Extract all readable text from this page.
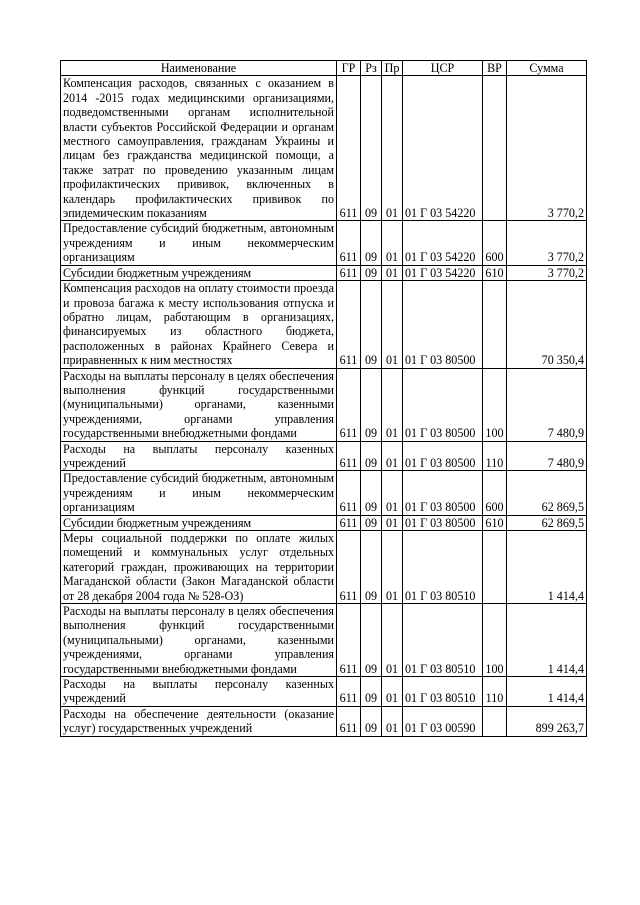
Наименование	ГР	Рз	Пр	ЦСР	ВР	Сумма
Компенсация расходов, связанных с оказанием в 2014 -2015 годах медицинскими организациями, подведомственными органам исполнительной власти субъектов Российской Федерации и органам местного самоуправления, гражданам Украины и лицам без гражданства медицинской помощи, а также затрат по проведению указанным лицам профилактических прививок, включенных в календарь профилактических прививок по эпидемическим показаниям	611	09	01	01 Г 03 54220		3 770,2
Предоставление субсидий бюджетным, автономным учреждениям и иным некоммерческим организациям	611	09	01	01 Г 03 54220	600	3 770,2
Субсидии бюджетным учреждениям	611	09	01	01 Г 03 54220	610	3 770,2
Компенсация расходов на оплату стоимости проезда и провоза багажа к месту использования отпуска и обратно лицам, работающим в организациях, финансируемых из областного бюджета, расположенных в районах Крайнего Севера и приравненных к ним местностях	611	09	01	01 Г 03 80500		70 350,4
Расходы на выплаты персоналу в целях обеспечения выполнения функций государственными (муниципальными) органами, казенными учреждениями, органами управления государственными внебюджетными фондами	611	09	01	01 Г 03 80500	100	7 480,9
Расходы на выплаты персоналу казенных учреждений	611	09	01	01 Г 03 80500	110	7 480,9
Предоставление субсидий бюджетным, автономным учреждениям и иным некоммерческим организациям	611	09	01	01 Г 03 80500	600	62 869,5
Субсидии бюджетным учреждениям	611	09	01	01 Г 03 80500	610	62 869,5
Меры социальной поддержки по оплате жилых помещений и коммунальных услуг отдельных категорий граждан, проживающих на территории Магаданской области (Закон Магаданской области от 28 декабря 2004 года № 528-ОЗ)	611	09	01	01 Г 03 80510		1 414,4
Расходы на выплаты персоналу в целях обеспечения выполнения функций государственными (муниципальными) органами, казенными учреждениями, органами управления государственными внебюджетными фондами	611	09	01	01 Г 03 80510	100	1 414,4
Расходы на выплаты персоналу казенных учреждений	611	09	01	01 Г 03 80510	110	1 414,4
Расходы на обеспечение деятельности (оказание услуг) государственных учреждений	611	09	01	01 Г 03 00590		899 263,7
